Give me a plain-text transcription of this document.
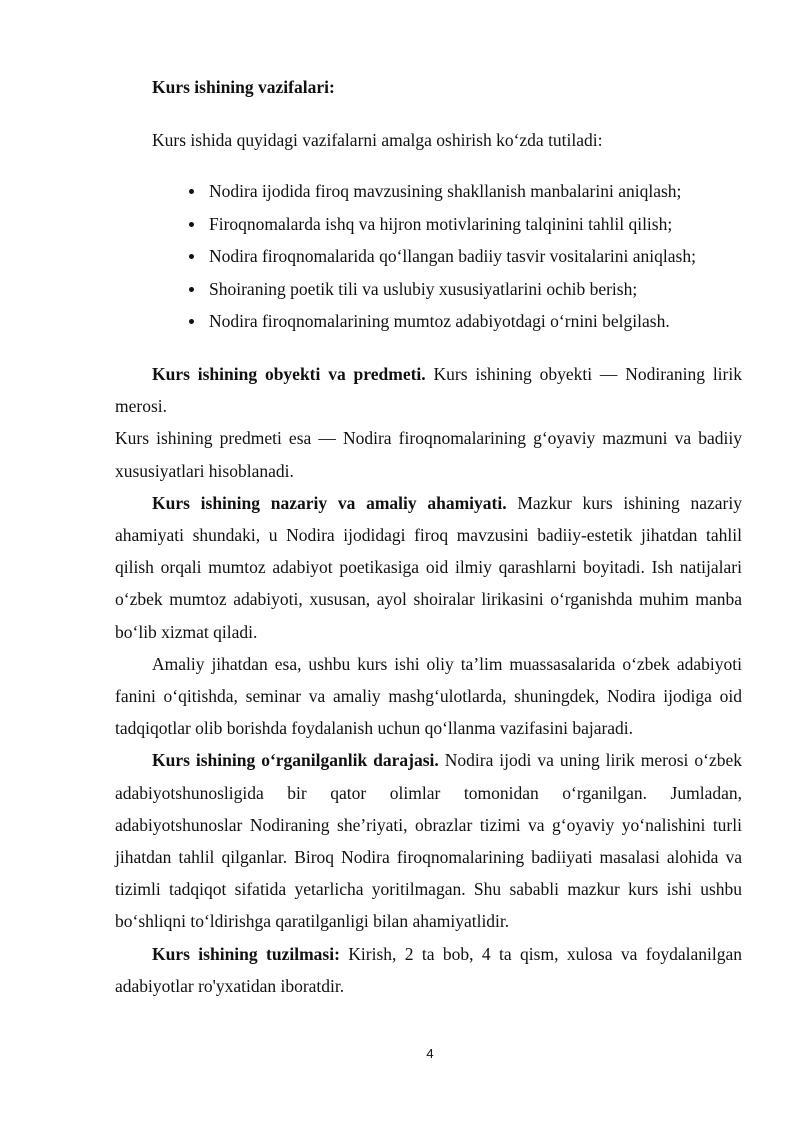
Kurs ishining vazifalari:
Kurs ishida quyidagi vazifalarni amalga oshirish ko‘zda tutiladi:
Nodira ijodida firoq mavzusining shakllanish manbalarini aniqlash;
Firoqnomalarda ishq va hijron motivlarining talqinini tahlil qilish;
Nodira firoqnomalarida qo‘llangan badiiy tasvir vositalarini aniqlash;
Shoiraning poetik tili va uslubiy xususiyatlarini ochib berish;
Nodira firoqnomalarining mumtoz adabiyotdagi o‘rnini belgilash.

Kurs ishining obyekti va predmeti. Kurs ishining obyekti — Nodiraning lirik merosi.

Kurs ishining predmeti esa — Nodira firoqnomalarining g‘oyaviy mazmuni va badiiy xususiyatlari hisoblanadi.

Kurs ishining nazariy va amaliy ahamiyati. Mazkur kurs ishining nazariy ahamiyati shundaki, u Nodira ijodidagi firoq mavzusini badiiy-estetik jihatdan tahlil qilish orqali mumtoz adabiyot poetikasiga oid ilmiy qarashlarni boyitadi. Ish natijalari o‘zbek mumtoz adabiyoti, xususan, ayol shoiralar lirikasini o‘rganishda muhim manba bo‘lib xizmat qiladi.

Amaliy jihatdan esa, ushbu kurs ishi oliy ta’lim muassasalarida o‘zbek adabiyoti fanini o‘qitishda, seminar va amaliy mashg‘ulotlarda, shuningdek, Nodira ijodiga oid tadqiqotlar olib borishda foydalanish uchun qo‘llanma vazifasini bajaradi.

Kurs ishining o‘rganilganlik darajasi. Nodira ijodi va uning lirik merosi o‘zbek adabiyotshunosligida bir qator olimlar tomonidan o‘rganilgan. Jumladan, adabiyotshunoslar Nodiraning she’riyati, obrazlar tizimi va g‘oyaviy yo‘nalishini turli jihatdan tahlil qilganlar. Biroq Nodira firoqnomalarining badiiyati masalasi alohida va tizimli tadqiqot sifatida yetarlicha yoritilmagan. Shu sababli mazkur kurs ishi ushbu bo‘shliqni to‘ldirishga qaratilganligi bilan ahamiyatlidir.

Kurs ishining tuzilmasi: Kirish, 2 ta bob, 4 ta qism, xulosa va foydalanilgan adabiyotlar ro'yxatidan iboratdir.

4
